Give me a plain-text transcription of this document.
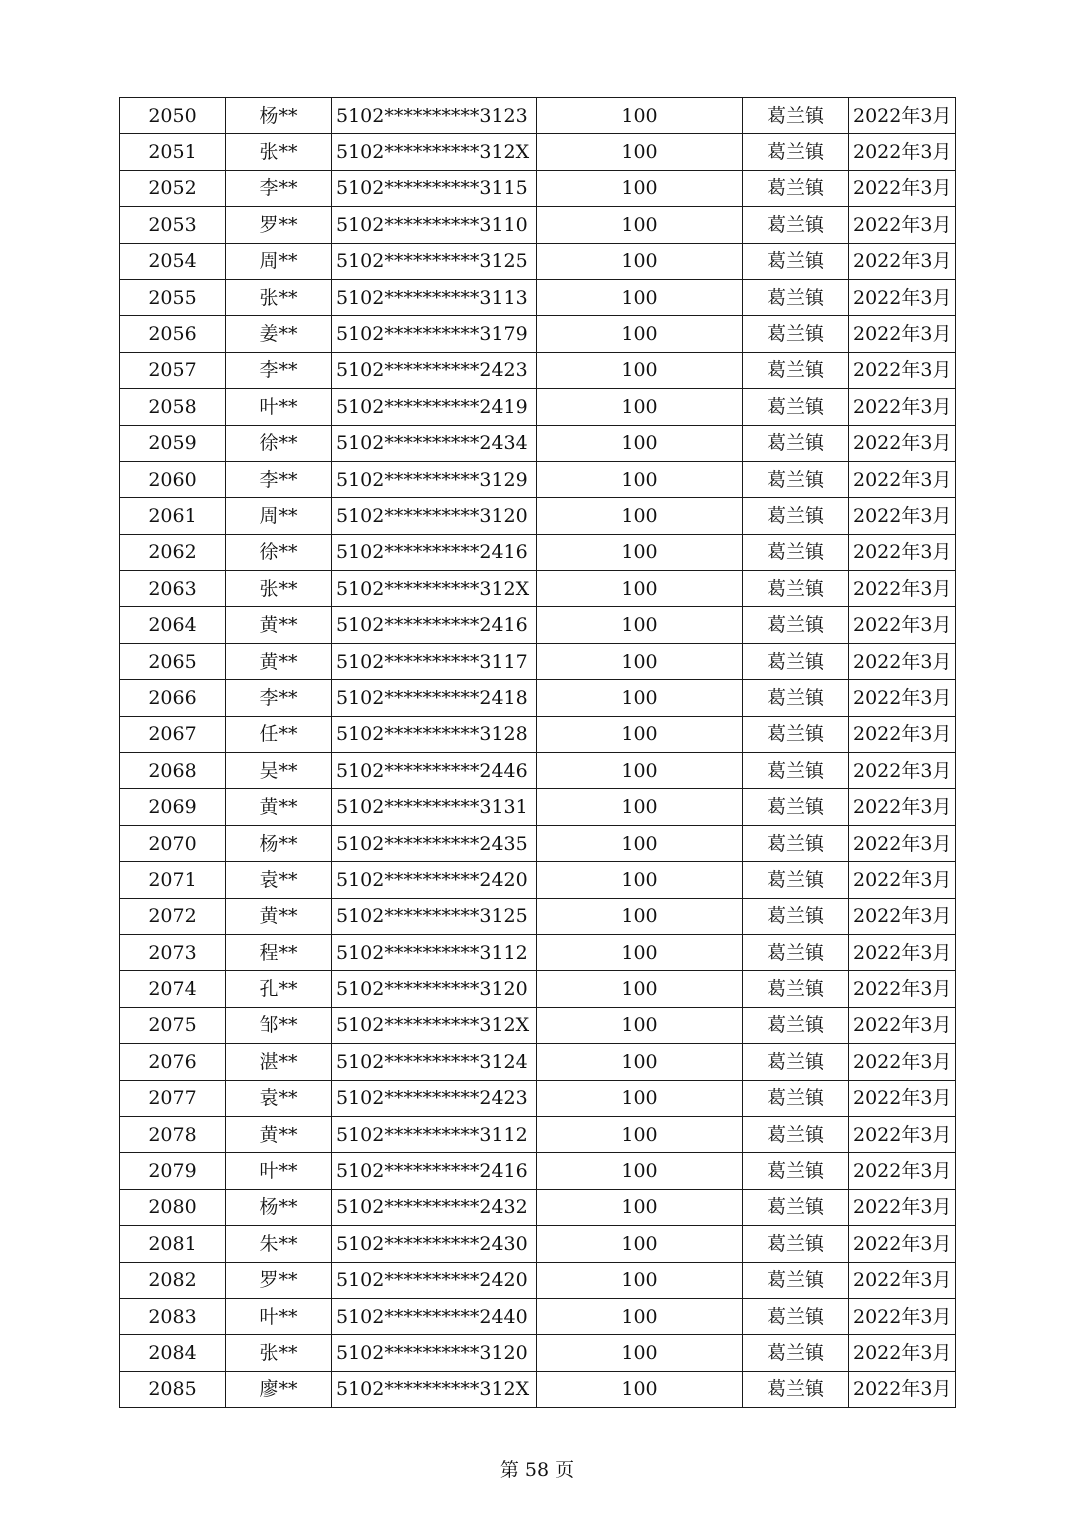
2050	杨**	5102**********3123	100	葛兰镇	2022年3月
2051	张**	5102**********312X	100	葛兰镇	2022年3月
2052	李**	5102**********3115	100	葛兰镇	2022年3月
2053	罗**	5102**********3110	100	葛兰镇	2022年3月
2054	周**	5102**********3125	100	葛兰镇	2022年3月
2055	张**	5102**********3113	100	葛兰镇	2022年3月
2056	姜**	5102**********3179	100	葛兰镇	2022年3月
2057	李**	5102**********2423	100	葛兰镇	2022年3月
2058	叶**	5102**********2419	100	葛兰镇	2022年3月
2059	徐**	5102**********2434	100	葛兰镇	2022年3月
2060	李**	5102**********3129	100	葛兰镇	2022年3月
2061	周**	5102**********3120	100	葛兰镇	2022年3月
2062	徐**	5102**********2416	100	葛兰镇	2022年3月
2063	张**	5102**********312X	100	葛兰镇	2022年3月
2064	黄**	5102**********2416	100	葛兰镇	2022年3月
2065	黄**	5102**********3117	100	葛兰镇	2022年3月
2066	李**	5102**********2418	100	葛兰镇	2022年3月
2067	任**	5102**********3128	100	葛兰镇	2022年3月
2068	吴**	5102**********2446	100	葛兰镇	2022年3月
2069	黄**	5102**********3131	100	葛兰镇	2022年3月
2070	杨**	5102**********2435	100	葛兰镇	2022年3月
2071	袁**	5102**********2420	100	葛兰镇	2022年3月
2072	黄**	5102**********3125	100	葛兰镇	2022年3月
2073	程**	5102**********3112	100	葛兰镇	2022年3月
2074	孔**	5102**********3120	100	葛兰镇	2022年3月
2075	邹**	5102**********312X	100	葛兰镇	2022年3月
2076	湛**	5102**********3124	100	葛兰镇	2022年3月
2077	袁**	5102**********2423	100	葛兰镇	2022年3月
2078	黄**	5102**********3112	100	葛兰镇	2022年3月
2079	叶**	5102**********2416	100	葛兰镇	2022年3月
2080	杨**	5102**********2432	100	葛兰镇	2022年3月
2081	朱**	5102**********2430	100	葛兰镇	2022年3月
2082	罗**	5102**********2420	100	葛兰镇	2022年3月
2083	叶**	5102**********2440	100	葛兰镇	2022年3月
2084	张**	5102**********3120	100	葛兰镇	2022年3月
2085	廖**	5102**********312X	100	葛兰镇	2022年3月
第 58 页
